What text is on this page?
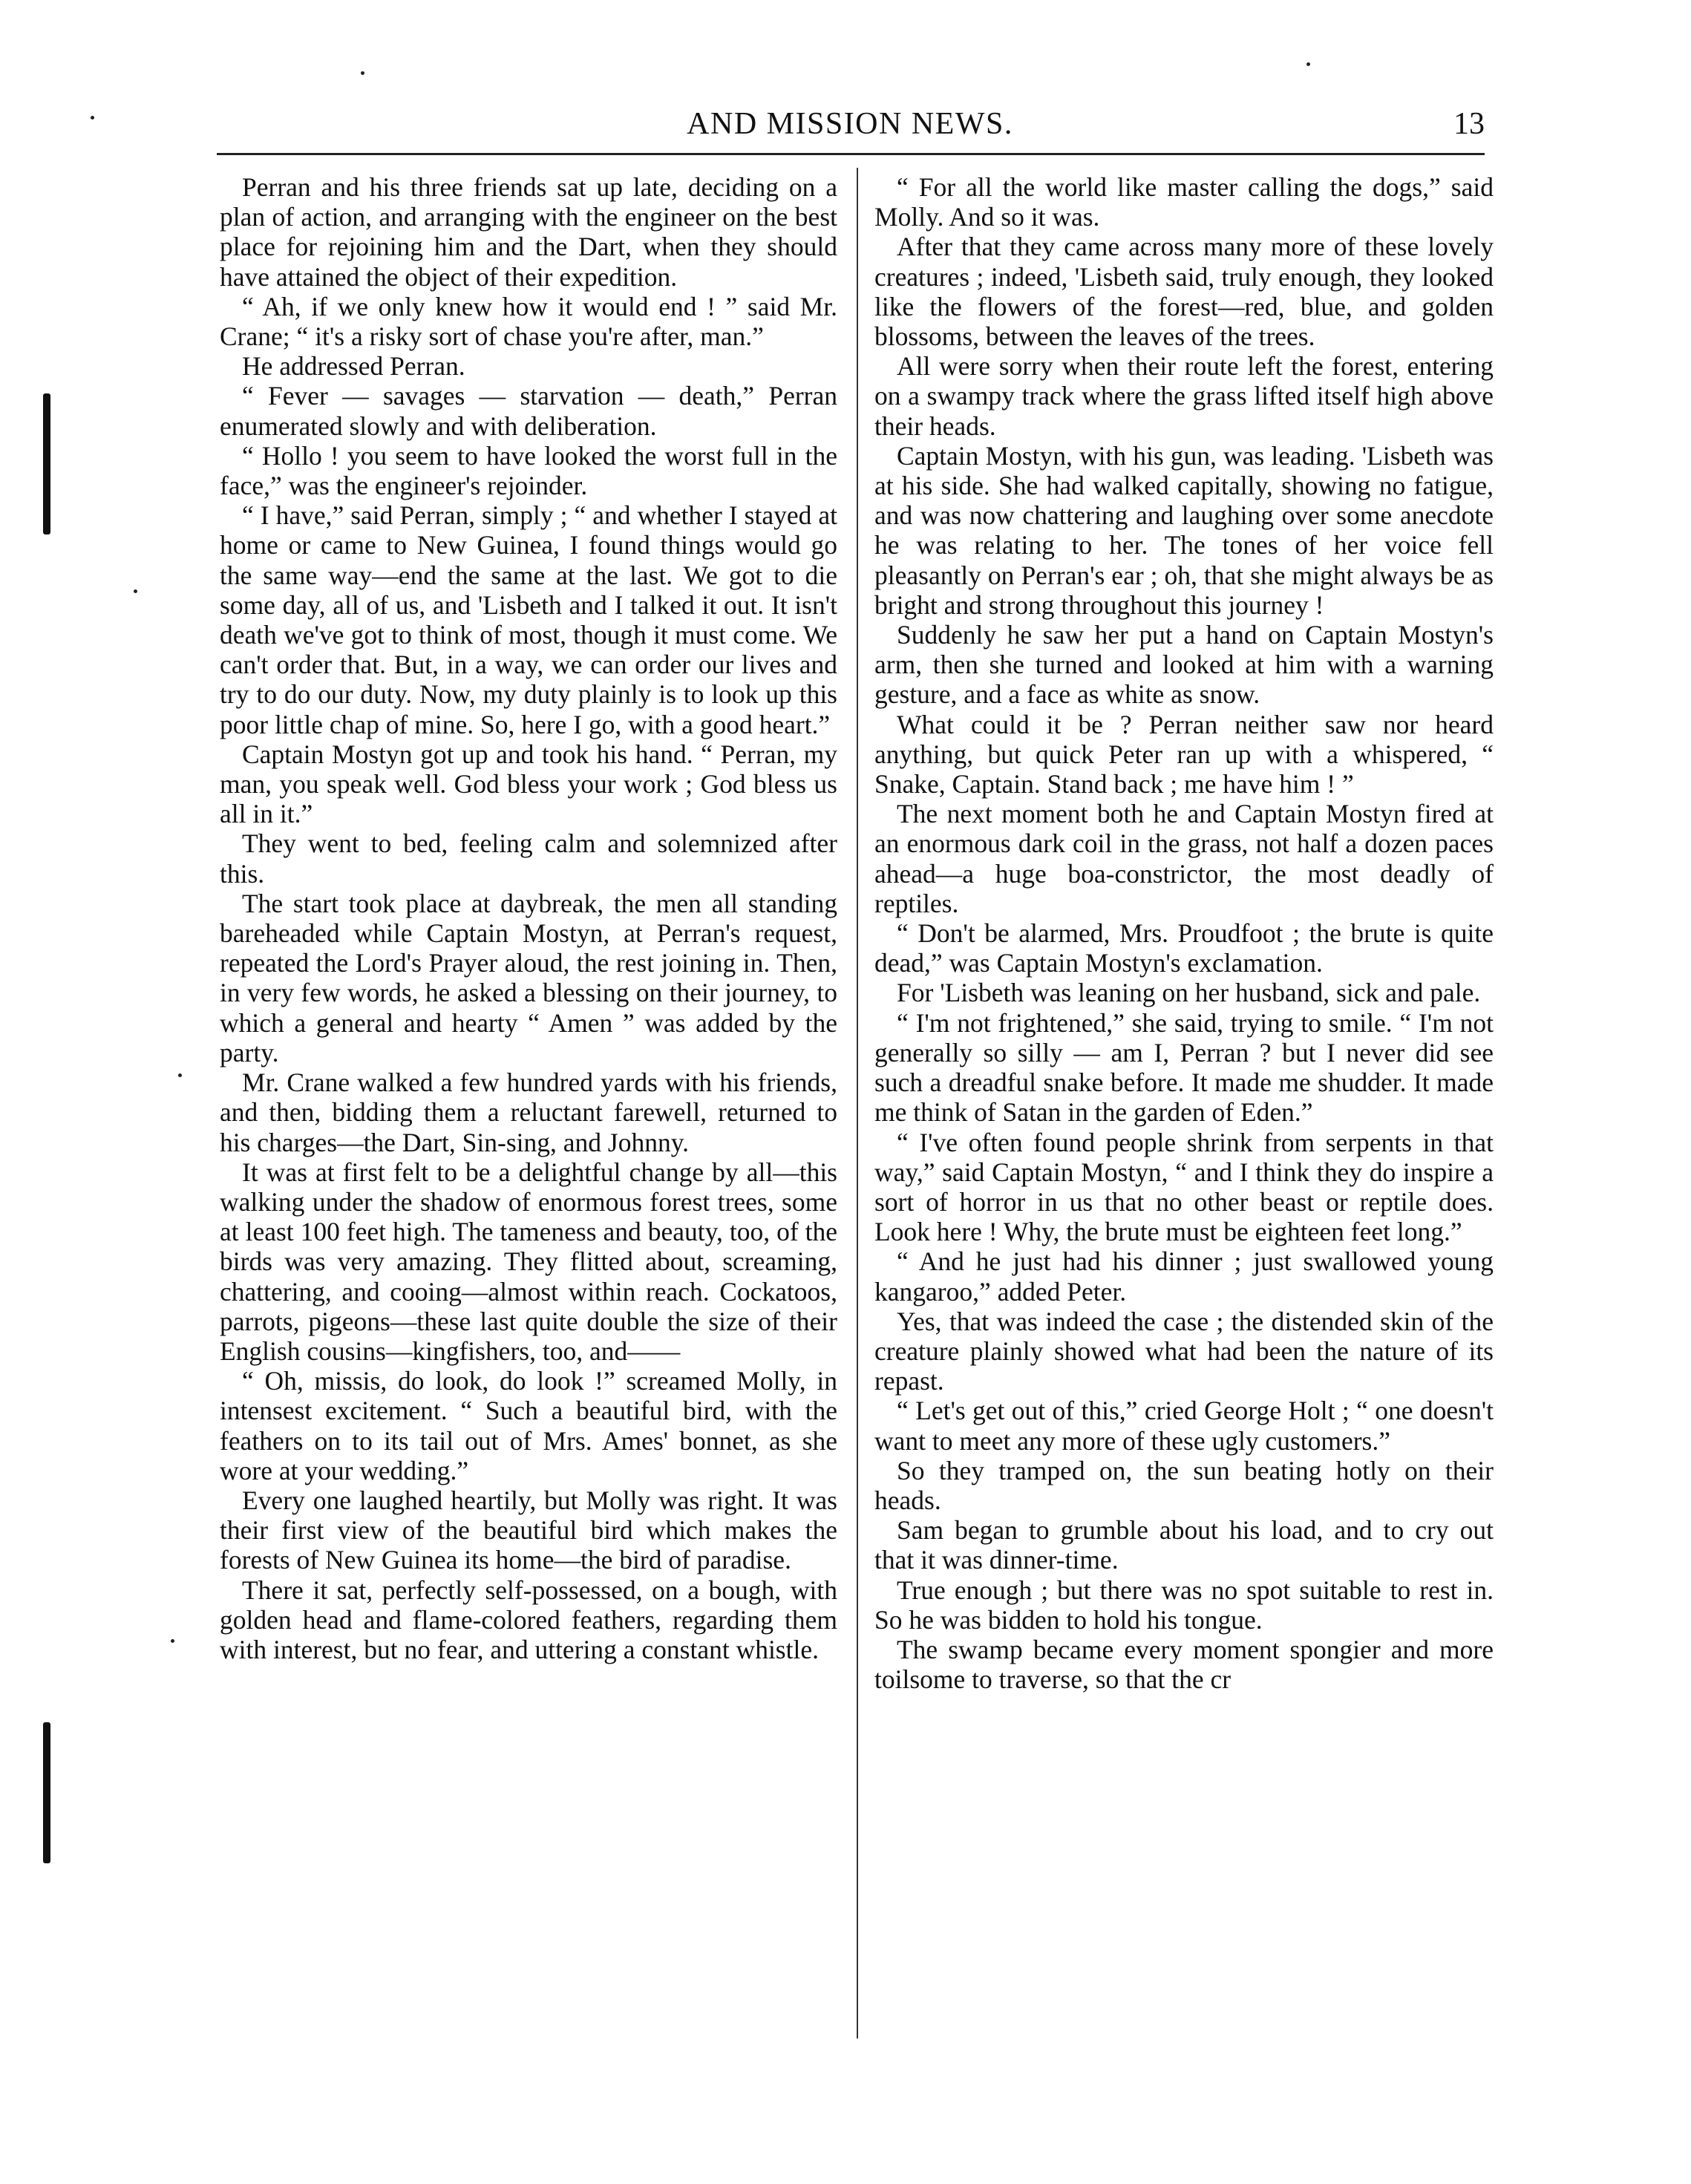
AND MISSION NEWS.	13

Perran and his three friends sat up late, deciding on a plan of action, and arranging with the engineer on the best place for rejoining him and the Dart, when they should have attained the object of their expedition.

“ Ah, if we only knew how it would end ! ” said Mr. Crane; “ it's a risky sort of chase you're after, man.”

He addressed Perran.

“ Fever — savages — starvation — death,” Perran enumerated slowly and with deliberation.

“ Hollo ! you seem to have looked the worst full in the face,” was the engineer's rejoinder.

“ I have,” said Perran, simply ; “ and whether I stayed at home or came to New Guinea, I found things would go the same way—end the same at the last. We got to die some day, all of us, and 'Lisbeth and I talked it out. It isn't death we've got to think of most, though it must come. We can't order that. But, in a way, we can order our lives and try to do our duty. Now, my duty plainly is to look up this poor little chap of mine. So, here I go, with a good heart.”

Captain Mostyn got up and took his hand. “ Perran, my man, you speak well. God bless your work ; God bless us all in it.”

They went to bed, feeling calm and solemnized after this.

The start took place at daybreak, the men all standing bareheaded while Captain Mostyn, at Perran's request, repeated the Lord's Prayer aloud, the rest joining in. Then, in very few words, he asked a blessing on their journey, to which a general and hearty “ Amen ” was added by the party.

Mr. Crane walked a few hundred yards with his friends, and then, bidding them a reluctant farewell, returned to his charges—the Dart, Sin-sing, and Johnny.

It was at first felt to be a delightful change by all—this walking under the shadow of enormous forest trees, some at least 100 feet high. The tameness and beauty, too, of the birds was very amazing. They flitted about, screaming, chattering, and cooing—almost within reach. Cockatoos, parrots, pigeons—these last quite double the size of their English cousins—kingfishers, too, and——

“ Oh, missis, do look, do look !” screamed Molly, in intensest excitement. “ Such a beautiful bird, with the feathers on to its tail out of Mrs. Ames' bonnet, as she wore at your wedding.”

Every one laughed heartily, but Molly was right. It was their first view of the beautiful bird which makes the forests of New Guinea its home—the bird of paradise.

There it sat, perfectly self-possessed, on a bough, with golden head and flame-colored feathers, regarding them with interest, but no fear, and uttering a constant whistle.

“ For all the world like master calling the dogs,” said Molly. And so it was.

After that they came across many more of these lovely creatures ; indeed, 'Lisbeth said, truly enough, they looked like the flowers of the forest—red, blue, and golden blossoms, between the leaves of the trees.

All were sorry when their route left the forest, entering on a swampy track where the grass lifted itself high above their heads.

Captain Mostyn, with his gun, was leading. 'Lisbeth was at his side. She had walked capitally, showing no fatigue, and was now chattering and laughing over some anecdote he was relating to her. The tones of her voice fell pleasantly on Perran's ear ; oh, that she might always be as bright and strong throughout this journey !

Suddenly he saw her put a hand on Captain Mostyn's arm, then she turned and looked at him with a warning gesture, and a face as white as snow.

What could it be ? Perran neither saw nor heard anything, but quick Peter ran up with a whispered, “ Snake, Captain. Stand back ; me have him ! ”

The next moment both he and Captain Mostyn fired at an enormous dark coil in the grass, not half a dozen paces ahead—a huge boa-constrictor, the most deadly of reptiles.

“ Don't be alarmed, Mrs. Proudfoot ; the brute is quite dead,” was Captain Mostyn's exclamation.

For 'Lisbeth was leaning on her husband, sick and pale.

“ I'm not frightened,” she said, trying to smile. “ I'm not generally so silly — am I, Perran ? but I never did see such a dreadful snake before. It made me shudder. It made me think of Satan in the garden of Eden.”

“ I've often found people shrink from serpents in that way,” said Captain Mostyn, “ and I think they do inspire a sort of horror in us that no other beast or reptile does. Look here ! Why, the brute must be eighteen feet long.”

“ And he just had his dinner ; just swallowed young kangaroo,” added Peter.

Yes, that was indeed the case ; the distended skin of the creature plainly showed what had been the nature of its repast.

“ Let's get out of this,” cried George Holt ; “ one doesn't want to meet any more of these ugly customers.”

So they tramped on, the sun beating hotly on their heads.

Sam began to grumble about his load, and to cry out that it was dinner-time.

True enough ; but there was no spot suitable to rest in. So he was bidden to hold his tongue.

The swamp became every moment spongier and more toilsome to traverse, so that the cr
